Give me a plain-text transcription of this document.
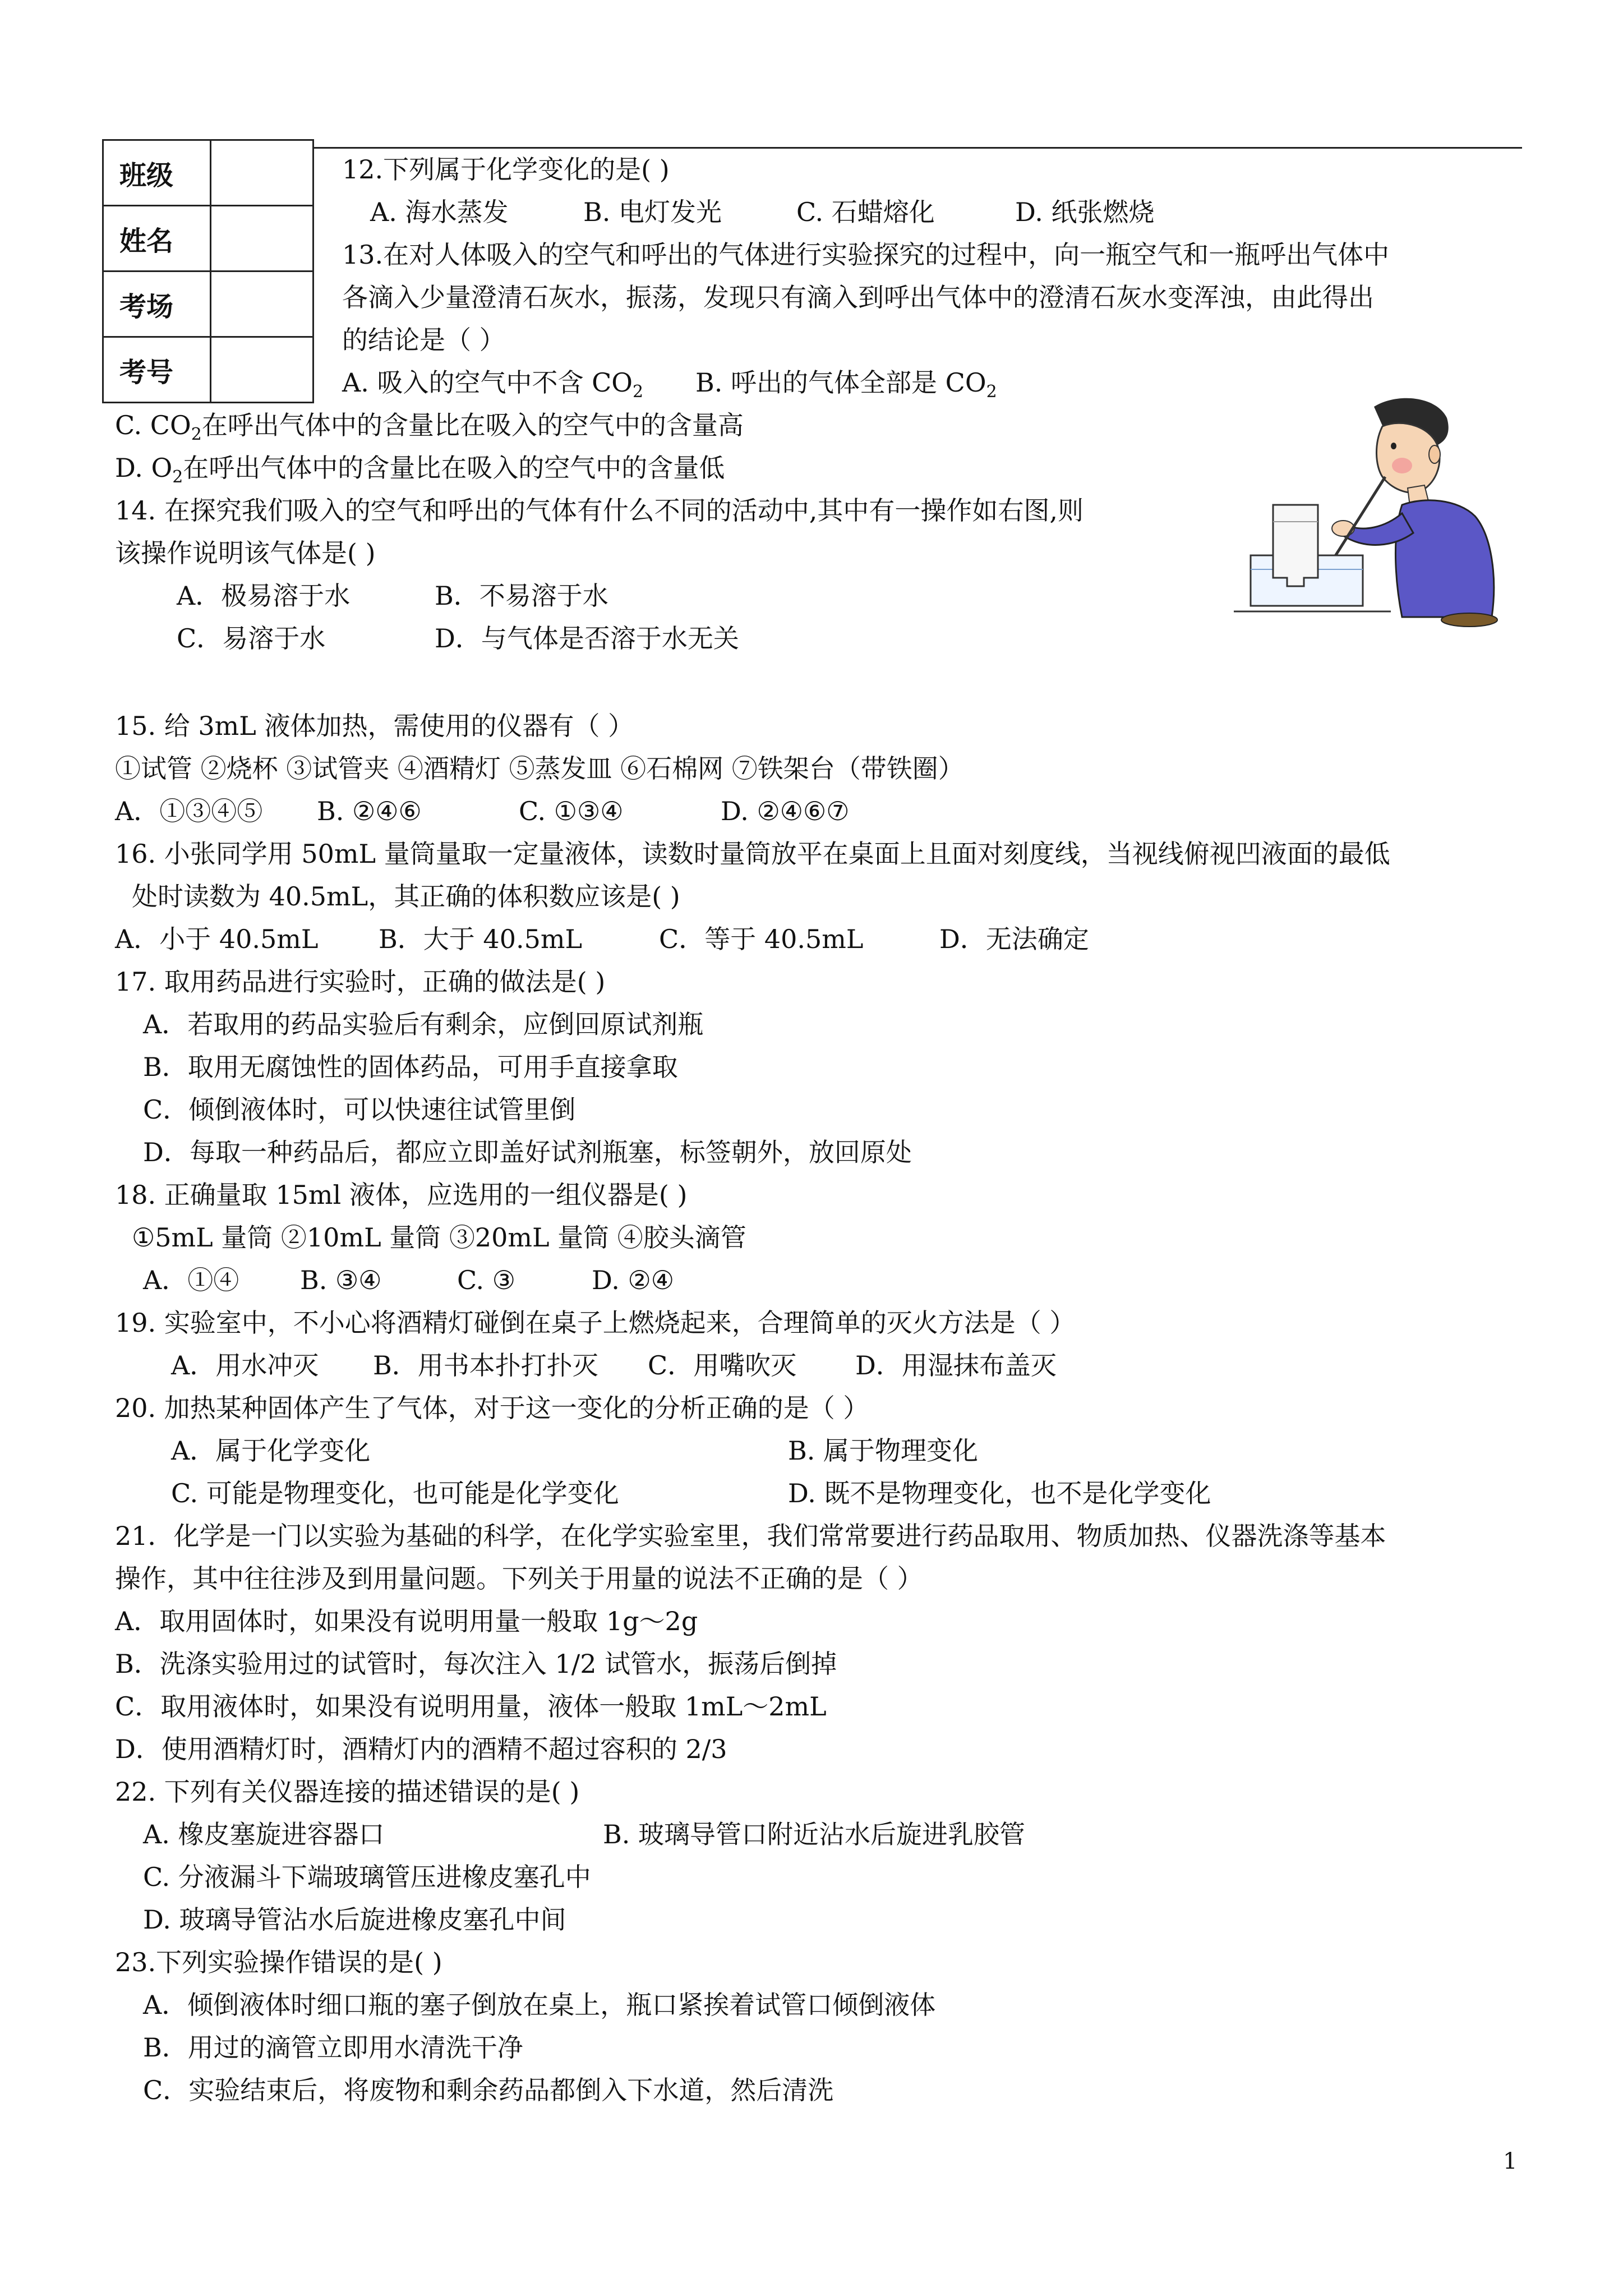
班级	
姓名	
考场	
考号	
12.下列属于化学变化的是( )
A. 海水蒸发	B. 电灯发光	C. 石蜡熔化	D. 纸张燃烧
13.在对人体吸入的空气和呼出的气体进行实验探究的过程中，向一瓶空气和一瓶呼出气体中
各滴入少量澄清石灰水，振荡，发现只有滴入到呼出气体中的澄清石灰水变浑浊，由此得出
的结论是（ ）
A. 吸入的空气中不含 $CO_2$ B. 呼出的气体全部是 $CO_2$
C. $CO_2$在呼出气体中的含量比在吸入的空气中的含量高
D. $O_2$在呼出气体中的含量比在吸入的空气中的含量低
14. 在探究我们吸入的空气和呼出的气体有什么不同的活动中,其中有一操作如右图,则
该操作说明该气体是( )
A．极易溶于水	B．不易溶于水
C．易溶于水	D．与气体是否溶于水无关
15. 给 3mL 液体加热，需使用的仪器有（ ）
①试管 ②烧杯 ③试管夹 ④酒精灯 ⑤蒸发皿 ⑥石棉网 ⑦铁架台（带铁圈）
A．①③④⑤ B. ②④⑥	C. ①③④	D. ②④⑥⑦
16. 小张同学用 50mL 量筒量取一定量液体，读数时量筒放平在桌面上且面对刻度线，当视线俯视凹液面的最低
处时读数为 40.5mL，其正确的体积数应该是( )
A．小于 40.5mL B．大于 40.5mL	C．等于 40.5mL	D．无法确定
17. 取用药品进行实验时，正确的做法是( )
A．若取用的药品实验后有剩余，应倒回原试剂瓶
B．取用无腐蚀性的固体药品，可用手直接拿取
C．倾倒液体时，可以快速往试管里倒
D．每取一种药品后，都应立即盖好试剂瓶塞，标签朝外，放回原处
18. 正确量取 15ml 液体，应选用的一组仪器是( )
①5mL 量筒 ②10mL 量筒 ③20mL 量筒 ④胶头滴管
A．①④ B. ③④	C. ③	D. ②④
19. 实验室中，不小心将酒精灯碰倒在桌子上燃烧起来，合理简单的灭火方法是（ ）
A．用水冲灭 B．用书本扑打扑灭 C．用嘴吹灭 D．用湿抹布盖灭
20. 加热某种固体产生了气体，对于这一变化的分析正确的是（ ）
A．属于化学变化	B. 属于物理变化
C. 可能是物理变化，也可能是化学变化	D. 既不是物理变化，也不是化学变化
21．化学是一门以实验为基础的科学，在化学实验室里，我们常常要进行药品取用、物质加热、仪器洗涤等基本
操作，其中往往涉及到用量问题。下列关于用量的说法不正确的是（ ）
A．取用固体时，如果没有说明用量一般取 1g～2g
B．洗涤实验用过的试管时，每次注入 1/2 试管水，振荡后倒掉
C．取用液体时，如果没有说明用量，液体一般取 1mL～2mL
D．使用酒精灯时，酒精灯内的酒精不超过容积的 2/3
22. 下列有关仪器连接的描述错误的是( )
A. 橡皮塞旋进容器口	B. 玻璃导管口附近沾水后旋进乳胶管
C. 分液漏斗下端玻璃管压进橡皮塞孔中
D. 玻璃导管沾水后旋进橡皮塞孔中间
23.下列实验操作错误的是( )
A．倾倒液体时细口瓶的塞子倒放在桌上，瓶口紧挨着试管口倾倒液体
B．用过的滴管立即用水清洗干净
C．实验结束后，将废物和剩余药品都倒入下水道，然后清洗
1
